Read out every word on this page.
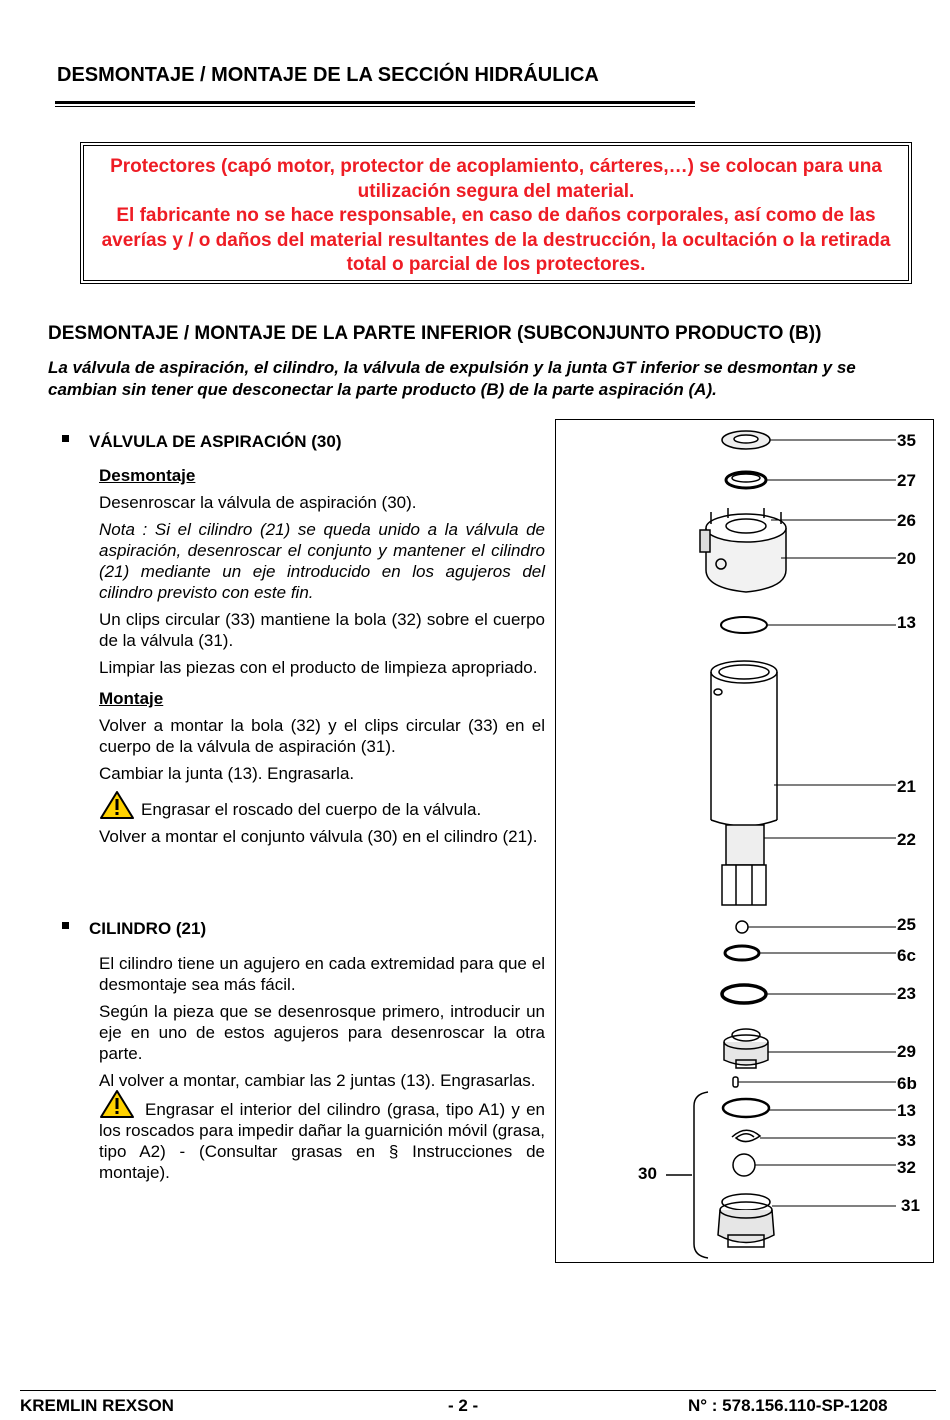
DESMONTAJE / MONTAJE DE LA SECCIÓN HIDRÁULICA

Protectores (capó motor, protector de acoplamiento, cárteres,…) se colocan para una utilización segura del material.

El fabricante no se hace responsable, en caso de daños corporales, así como de las averías y / o daños del material resultantes de la destrucción, la ocultación o la retirada total o parcial de los protectores.

DESMONTAJE / MONTAJE DE LA PARTE INFERIOR (SUBCONJUNTO PRODUCTO (B))
La válvula de aspiración, el cilindro, la válvula de expulsión y la junta GT inferior se desmontan y se cambian sin tener que desconectar la parte producto (B) de la parte aspiración (A).
VÁLVULA DE ASPIRACIÓN (30)

Desmontaje

Desenroscar la válvula de aspiración (30).

Nota : Si el cilindro (21) se queda unido a la válvula de aspiración, desenroscar el conjunto y mantener el cilindro (21) mediante un eje introducido en los agujeros del cilindro previsto con este fin.

Un clips circular (33) mantiene la bola (32) sobre el cuerpo de la válvula (31).

Limpiar las piezas con el producto de limpieza apropriado.

Montaje

Volver a montar la bola (32) y el clips circular (33) en el cuerpo de la válvula de aspiración (31).

Cambiar la junta (13). Engrasarla.

Engrasar el roscado del cuerpo de la válvula.

Volver a montar el conjunto válvula (30) en el cilindro (21).

CILINDRO (21)

El cilindro tiene un agujero en cada extremidad para que el desmontaje sea más fácil.

Según la pieza que se desenrosque primero, introducir un eje en uno de estos agujeros para desenroscar la otra parte.

Al volver a montar, cambiar las 2 juntas (13). Engrasarlas.

Engrasar el interior del cilindro (grasa, tipo A1) y en los roscados para impedir dañar la guarnición móvil (grasa, tipo A2) - (Consultar grasas en § Instrucciones de montaje).

35
27
26
20
13
21
22
25
6c
23
29
6b
13
33
32
31
30
KREMLIN REXSON	- 2 -	N° : 578.156.110-SP-1208
